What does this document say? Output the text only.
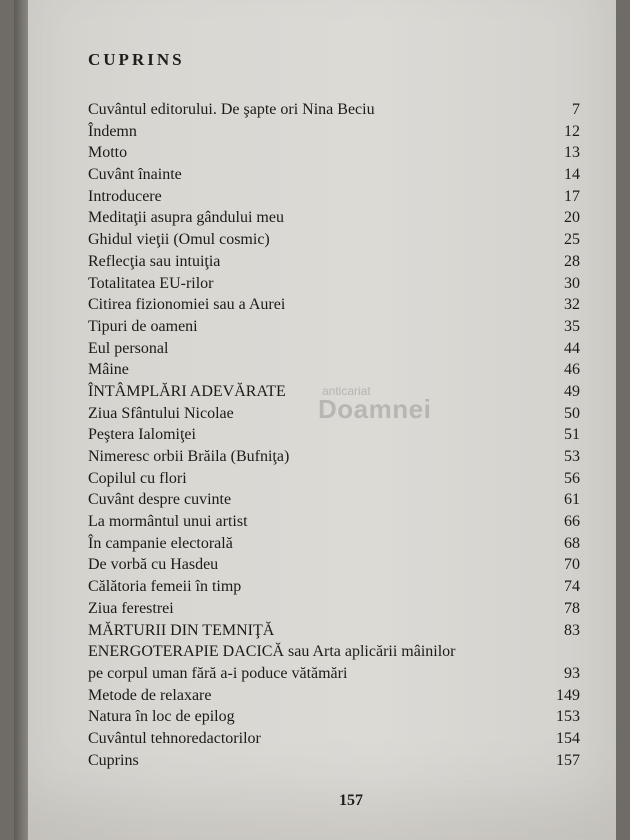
CUPRINS
Cuvântul editorului. De şapte ori Nina Beciu	7
Îndemn	12
Motto	13
Cuvânt înainte	14
Introducere	17
Meditaţii asupra gândului meu	20
Ghidul vieţii (Omul cosmic)	25
Reflecţia sau intuiţia	28
Totalitatea EU-rilor	30
Citirea fizionomiei sau a Aurei	32
Tipuri de oameni	35
Eul personal	44
Mâine	46
ÎNTÂMPLĂRI ADEVĂRATE	49
Ziua Sfântului Nicolae	50
Peştera Ialomiţei	51
Nimeresc orbii Brăila (Bufniţa)	53
Copilul cu flori	56
Cuvânt despre cuvinte	61
La mormântul unui artist	66
În campanie electorală	68
De vorbă cu Hasdeu	70
Călătoria femeii în timp	74
Ziua ferestrei	78
MĂRTURII DIN TEMNIŢĂ	83
ENERGOTERAPIE DACICĂ sau Arta aplicării mâinilor
pe corpul uman fără a-i poduce vătămări	93
Metode de relaxare	149
Natura în loc de epilog	153
Cuvântul tehnoredactorilor	154
Cuprins	157
anticariat
Doamnei
157
